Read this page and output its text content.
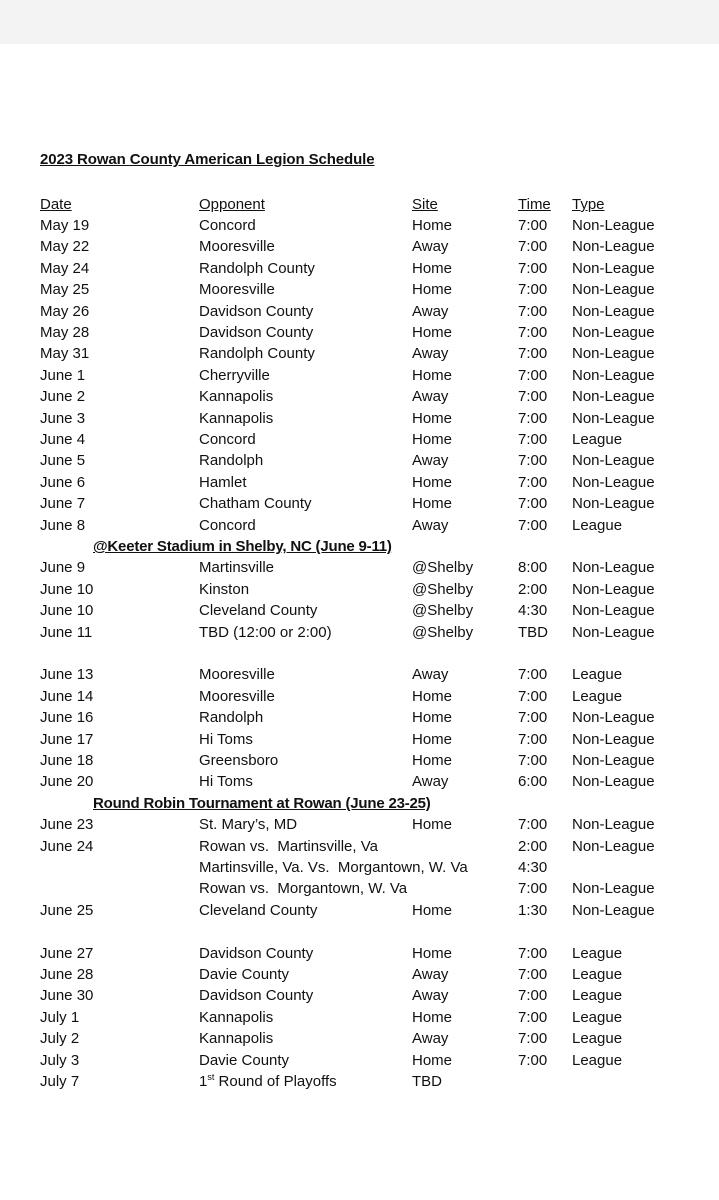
2023 Rowan County American Legion Schedule
Date	Opponent	Site	Time Type
May 19	Concord	Home	7:00 Non-League
May 22	Mooresville	Away	7:00 Non-League
May 24	Randolph County	Home	7:00 Non-League
May 25	Mooresville	Home	7:00 Non-League
May 26	Davidson County	Away	7:00 Non-League
May 28	Davidson County	Home	7:00 Non-League
May 31	Randolph County	Away	7:00 Non-League
June 1	Cherryville	Home	7:00 Non-League
June 2	Kannapolis	Away	7:00 Non-League
June 3	Kannapolis	Home	7:00 Non-League
June 4	Concord	Home	7:00 League
June 5	Randolph	Away	7:00 Non-League
June 6	Hamlet	Home	7:00 Non-League
June 7	Chatham County	Home	7:00 Non-League
June 8	Concord	Away	7:00 League
June 9	Martinsville	@Shelby	8:00 Non-League
June 10	Kinston	@Shelby	2:00 Non-League
June 10	Cleveland County	@Shelby	4:30 Non-League
June 11	TBD (12:00 or 2:00)	@Shelby	TBD Non-League
June 13	Mooresville	Away	7:00 League
June 14	Mooresville	Home	7:00 League
June 16	Randolph	Home	7:00 Non-League
June 17	Hi Toms	Home	7:00 Non-League
June 18	Greensboro	Home	7:00 Non-League
June 20	Hi Toms	Away	6:00 Non-League
June 23	St. Mary’s, MD	Home	7:00 Non-League
June 24	Rowan vs.  Martinsville, Va	2:00 Non-League
Martinsville, Va. Vs.  Morgantown, W. Va	4:30
Rowan vs.  Morgantown, W. Va	7:00 Non-League
June 25	Cleveland County	Home	1:30 Non-League
June 27	Davidson County	Home	7:00 League
June 28	Davie County	Away	7:00 League
June 30	Davidson County	Away	7:00 League
July 1	Kannapolis	Home	7:00 League
July 2	Kannapolis	Away	7:00 League
July 3	Davie County	Home	7:00 League
@Keeter Stadium in Shelby, NC (June 9-11)
Round Robin Tournament at Rowan (June 23-25)
July 7	1st Round of Playoffs	TBD
